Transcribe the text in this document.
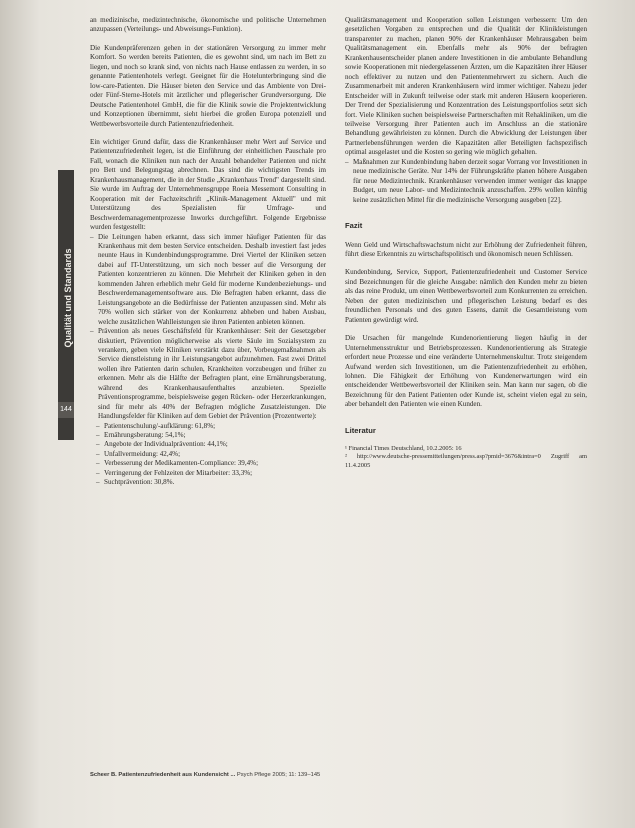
Qualität und Standards
144

an medizinische, medizintechnische, ökonomische und politische Unternehmen anzupassen (Verteilungs- und Abweisungs-Funktion).

Die Kundenpräferenzen gehen in der stationären Versorgung zu immer mehr Komfort. So werden bereits Patienten, die es gewohnt sind, um nach im Bett zu liegen, und noch so krank sind, von nichts nach Hause entlassen zu werden, in so genannte Patientenhotels verlegt. Geeignet für die Hotelunterbringung sind die low-care-Patienten. Die Häuser bieten den Service und das Ambiente von Drei- oder Fünf-Sterne-Hotels mit ärztlicher und pflegerischer Grundversorgung. Die Deutsche Patientenhotel GmbH, die für die Klinik sowie die Projektentwicklung und Konzeptionen übernimmt, sieht hierbei die großen Europa potenziell und Wettbewerbsvorteile durch Patientenzufriedenheit.

Ein wichtiger Grund dafür, dass die Krankenhäuser mehr Wert auf Service und Patientenzufriedenheit legen, ist die Einführung der einheitlichen Pauschale pro Fall, wonach die Kliniken nun nach der Anzahl behandelter Patienten und nicht pro Bett und Belegungstag abrechnen. Das sind die wichtigsten Trends im Krankenhausmanagement, die in der Studie „Krankenhaus Trend" dargestellt sind. Sie wurde im Auftrag der Unternehmensgruppe Roeia Messemont Consulting in Kooperation mit der Fachzeitschrift „Klinik-Management Aktuell" und mit Unterstützung des Spezialisten für Umfrage- und Beschwerdemanagementprozesse Inworks durchgeführt. Folgende Ergebnisse wurden festgestellt:

– Die Leitungen haben erkannt, dass sich immer häufiger Patienten für das Krankenhaus mit dem besten Service entscheiden. Deshalb investiert fast jedes neunte Haus in Kundenbindungsprogramme. Drei Viertel der Kliniken setzen dabei auf IT-Unterstützung, um sich noch besser auf die Versorgung der Patienten konzentrieren zu können. Die Mehrheit der Kliniken gehen in den kommenden Jahren erheblich mehr Geld für moderne Kundenbeziehungs- und Beschwerdemanagementsoftware aus. Die Befragten haben erkannt, dass die Leistungsangebote an die Bedürfnisse der Patienten anzupassen sind. Mehr als 70% wollen sich stärker von der Konkurrenz abheben und haben Ausbau, welche zusätzlichen Wahlleistungen sie ihren Patienten anbieten können.
– Prävention als neues Geschäftsfeld für Krankenhäuser: Seit der Gesetzgeber diskutiert, Prävention möglicherweise als vierte Säule im Sozialsystem zu verankern, geben viele Kliniken verstärkt dazu über, Vorbeugemaßnahmen als Service dienstleistung in ihr Leistungsangebot aufzunehmen. Fast zwei Drittel wollen ihre Patienten darin schulen, Krankheiten vorzubeugen und früher zu erkennen. Mehr als die Hälfte der Befragten plant, eine Ernährungsberatung, während des Krankenhausaufenthaltes anzubieten. Spezielle Präventionsprogramme, beispielsweise gegen Rücken- oder Herzerkrankungen, sind für mehr als 40% der Befragten mögliche Zusatzleistungen. Die Handlungsfelder für Kliniken auf dem Gebiet der Prävention (Prozentwerte):
– Patientenschulung/-aufklärung: 61,8%;
– Ernährungsberatung: 54,1%;
– Angebote der Individualprävention: 44,1%;
– Unfallvermeidung: 42,4%;
– Verbesserung der Medikamenten-Compliance: 39,4%;
– Verringerung der Fehlzeiten der Mitarbeiter: 33,3%;
– Suchtprävention: 30,8%.

Qualitätsmanagement und Kooperation sollen Leistungen verbessern: Um den gesetzlichen Vorgaben zu entsprechen und die Qualität der Klinikleistungen transparenter zu machen, planen 90% der Krankenhäuser Mehrausgaben beim Qualitätsmanagement ein. Ebenfalls mehr als 90% der befragten Krankenhausentscheider planen andere Investitionen in die ambulante Behandlung sowie Kooperationen mit niedergelassenen Ärzten, um die Kapazitäten ihrer Häuser noch effektiver zu nutzen und den Patientenmehrwert zu sichern. Auch die Zusammenarbeit mit anderen Krankenhäusern wird immer wichtiger. Nahezu jeder Entscheider will in Zukunft teilweise oder stark mit anderen Häusern kooperieren. Der Trend der Spezialisierung und Konzentration des Leistungsportfolios setzt sich fort. Viele Kliniken suchen beispielsweise Partnerschaften mit Rehakliniken, um die teilweise Versorgung ihrer Patienten auch im Anschluss an die stationäre Behandlung gewährleisten zu können. Durch die Abwicklung der Leistungen über Partnerlebensführungen werden die Kapazitäten aller Beteiligten fachspezifisch optimal ausgelastet und die Kosten so gering wie möglich gehalten.

– Maßnahmen zur Kundenbindung haben derzeit sogar Vorrang vor Investitionen in neue medizinische Geräte. Nur 14% der Führungskräfte planen höhere Ausgaben für neue Medizintechnik. Krankenhäuser verwenden immer weniger das knappe Budget, um neue Labor- und Medizintechnik anzuschaffen. 29% wollen künftig keine zusätzlichen Mittel für die medizinische Versorgung ausgeben [22].
Fazit

Wenn Geld und Wirtschaftswachstum nicht zur Erhöhung der Zufriedenheit führen, führt diese Erkenntnis zu wirtschaftspolitisch und ökonomisch neuen Schlüssen.

Kundenbindung, Service, Support, Patientenzufriedenheit und Customer Service sind Bezeichnungen für die gleiche Ausgabe: nämlich den Kunden mehr zu bieten als das reine Produkt, um einen Wettbewerbsvorteil zum Konkurrenten zu erreichen. Neben der guten medizinischen und pflegerischen Leistung bedarf es des freundlichen Personals und des guten Essens, damit die Gesamtleistung vom Patienten gewürdigt wird.

Die Ursachen für mangelnde Kundenorientierung liegen häufig in der Unternehmensstruktur und Betriebsprozessen. Kundenorientierung als Strategie erfordert neue Prozesse und eine veränderte Unternehmenskultur. Trotz steigendem Aufwand werden sich Investitionen, um die Patientenzufriedenheit zu erhöhen, lohnen. Die Fähigkeit der Erhöhung von Kundenerwartungen wird ein entscheidender Wettbewerbsvorteil der Kliniken sein. Man kann nur sagen, ob die Bezeichnung für den Patient Patienten oder Kunde ist, scheint vielen egal zu sein, aber behandelt den Patienten wie einen Kunden.

Literatur
¹ Financial Times Deutschland, 10.2.2005: 16
² http://www.deutsche-pressemitteilungen/press.asp?pmid=3676&intra=0 Zugriff am 11.4.2005
Scheer B. Patientenzufriedenheit aus Kundensicht ... Psych Pflege 2005; 11: 139–145
